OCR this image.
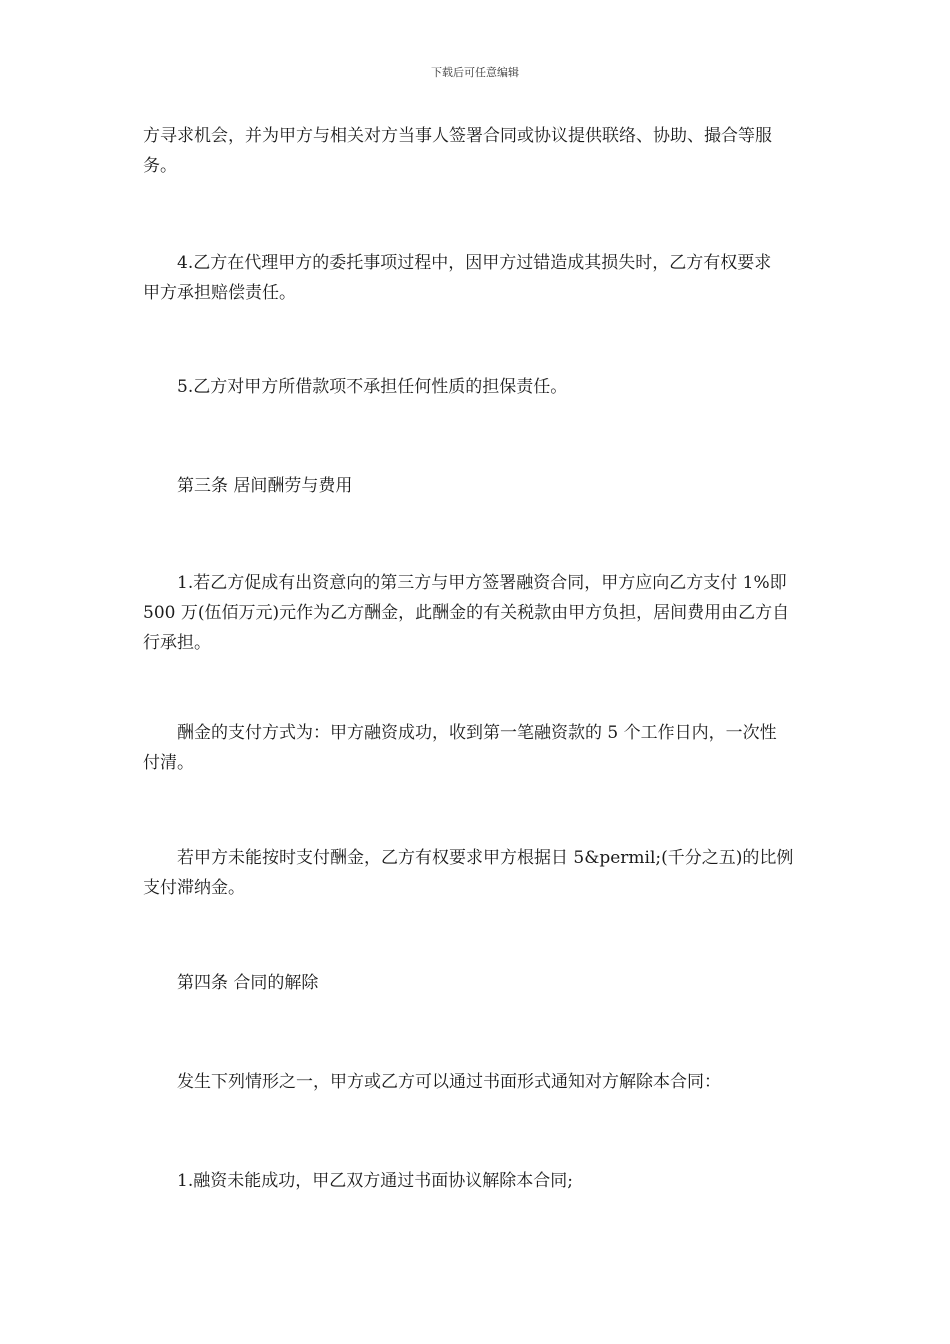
下载后可任意编辑
方寻求机会，并为甲方与相关对方当事人签署合同或协议提供联络、协助、撮合等服
务。
　　4.乙方在代理甲方的委托事项过程中，因甲方过错造成其损失时，乙方有权要求
甲方承担赔偿责任。
　　5.乙方对甲方所借款项不承担任何性质的担保责任。
　　第三条 居间酬劳与费用
　　1.若乙方促成有出资意向的第三方与甲方签署融资合同，甲方应向乙方支付 1%即
500 万(伍佰万元)元作为乙方酬金，此酬金的有关税款由甲方负担，居间费用由乙方自
行承担。
　　酬金的支付方式为：甲方融资成功，收到第一笔融资款的 5 个工作日内，一次性
付清。
　　若甲方未能按时支付酬金，乙方有权要求甲方根据日 5&permil;(千分之五)的比例
支付滞纳金。
　　第四条 合同的解除
　　发生下列情形之一，甲方或乙方可以通过书面形式通知对方解除本合同：
　　1.融资未能成功，甲乙双方通过书面协议解除本合同;
